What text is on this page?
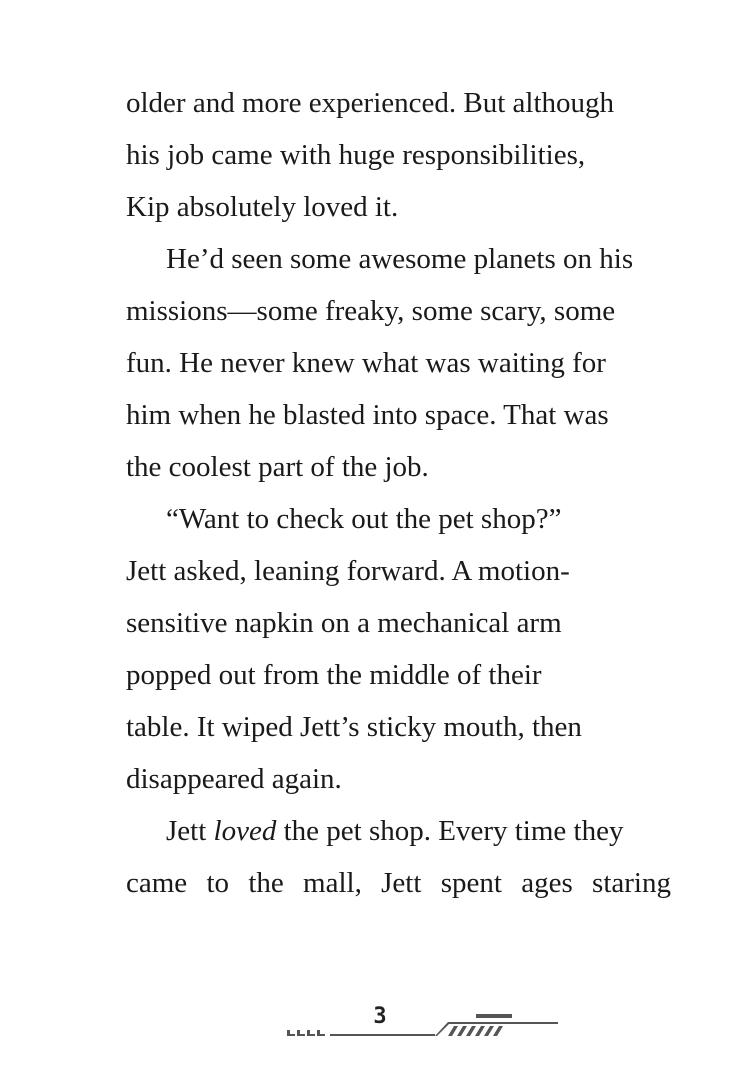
older and more experienced. But although
his job came with huge responsibilities,
Kip absolutely loved it.
He’d seen some awesome planets on his
missions—some freaky, some scary, some
fun. He never knew what was waiting for
him when he blasted into space. That was
the coolest part of the job.
“Want to check out the pet shop?”
Jett asked, leaning forward. A motion-
sensitive napkin on a mechanical arm
popped out from the middle of their
table. It wiped Jett’s sticky mouth, then
disappeared again.
Jett loved the pet shop. Every time they
came to the mall, Jett spent ages staring
3
